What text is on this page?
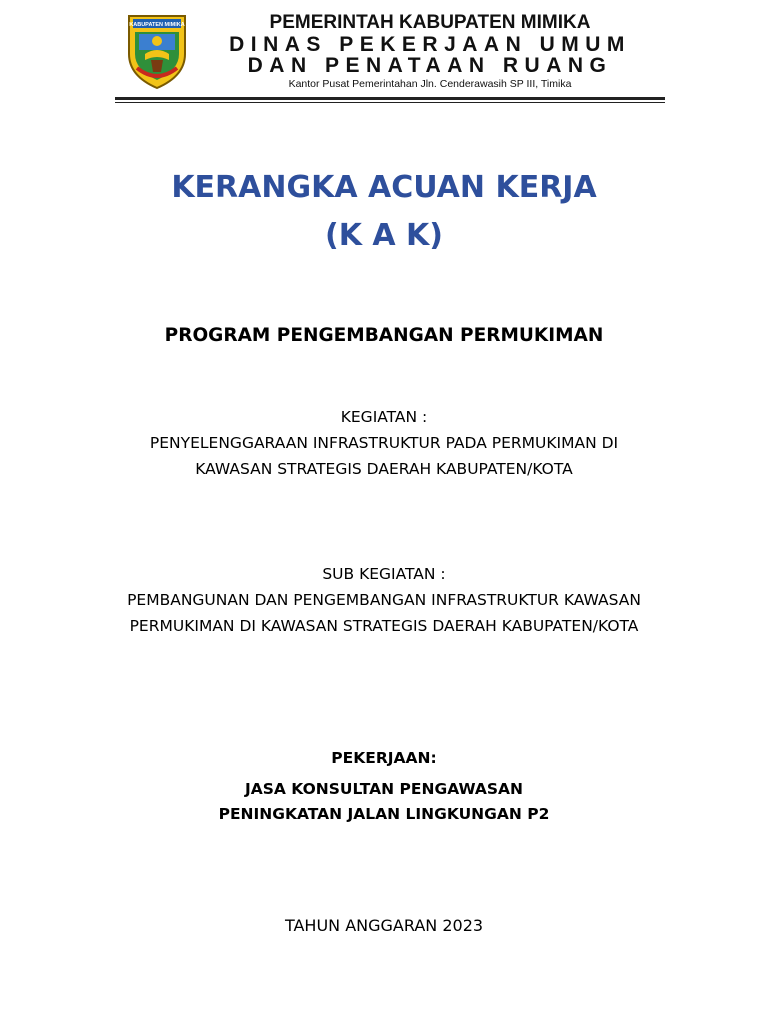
KABUPATEN MIMIKA	PEMERINTAH KABUPATEN MIMIKA
DINAS PEKERJAAN UMUM
DAN PENATAAN RUANG
Kantor Pusat Pemerintahan Jln. Cenderawasih SP III, Timika
KERANGKA ACUAN KERJA
(K A K)
PROGRAM PENGEMBANGAN PERMUKIMAN
KEGIATAN :
PENYELENGGARAAN INFRASTRUKTUR PADA PERMUKIMAN DI
KAWASAN STRATEGIS DAERAH KABUPATEN/KOTA
SUB KEGIATAN :
PEMBANGUNAN DAN PENGEMBANGAN INFRASTRUKTUR KAWASAN
PERMUKIMAN DI KAWASAN STRATEGIS DAERAH KABUPATEN/KOTA
PEKERJAAN:
JASA KONSULTAN PENGAWASAN
PENINGKATAN JALAN LINGKUNGAN P2
TAHUN ANGGARAN 2023
